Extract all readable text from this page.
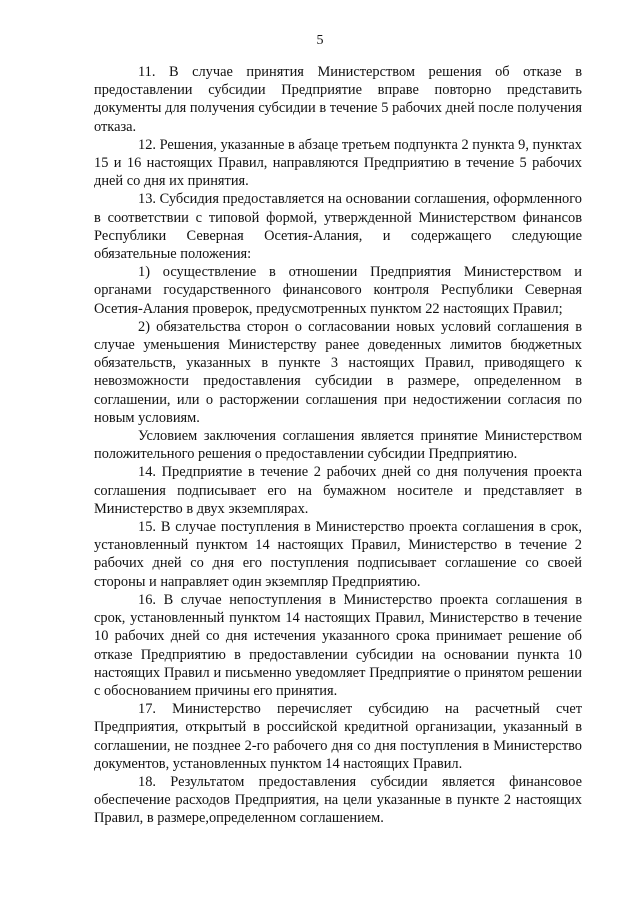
5

11. В случае принятия Министерством решения об отказе в предоставлении субсидии Предприятие вправе повторно представить документы для получения субсидии в течение 5 рабочих дней после получения отказа.

12. Решения, указанные в абзаце третьем подпункта 2 пункта 9, пунктах 15 и 16 настоящих Правил, направляются Предприятию в течение 5 рабочих дней со дня их принятия.

13. Субсидия предоставляется на основании соглашения, оформленного в соответствии с типовой формой, утвержденной Министерством финансов Республики Северная Осетия-Алания, и содержащего следующие обязательные положения:

1) осуществление в отношении Предприятия Министерством и органами государственного финансового контроля Республики Северная Осетия-Алания проверок, предусмотренных пунктом 22 настоящих Правил;

2) обязательства сторон о согласовании новых условий соглашения в случае уменьшения Министерству ранее доведенных лимитов бюджетных обязательств, указанных в пункте 3 настоящих Правил, приводящего к невозможности предоставления субсидии в размере, определенном в соглашении, или о расторжении соглашения при недостижении согласия по новым условиям.

Условием заключения соглашения является принятие Министерством положительного решения о предоставлении субсидии Предприятию.

14. Предприятие в течение 2 рабочих дней со дня получения проекта соглашения подписывает его на бумажном носителе и представляет в Министерство в двух экземплярах.

15. В случае поступления в Министерство проекта соглашения в срок, установленный пунктом 14 настоящих Правил, Министерство в течение 2 рабочих дней со дня его поступления подписывает соглашение со своей стороны и направляет один экземпляр Предприятию.

16. В случае непоступления в Министерство проекта соглашения в срок, установленный пунктом 14 настоящих Правил, Министерство в течение 10 рабочих дней со дня истечения указанного срока принимает решение об отказе Предприятию в предоставлении субсидии на основании пункта 10 настоящих Правил и письменно уведомляет Предприятие о принятом решении с обоснованием причины его принятия.

17. Министерство перечисляет субсидию на расчетный счет Предприятия, открытый в российской кредитной организации, указанный в соглашении, не позднее 2-го рабочего дня со дня поступления в Министерство документов, установленных пунктом 14 настоящих Правил.

18. Результатом предоставления субсидии является финансовое обеспечение расходов Предприятия, на цели указанные в пункте 2 настоящих Правил, в размере,определенном соглашением.
